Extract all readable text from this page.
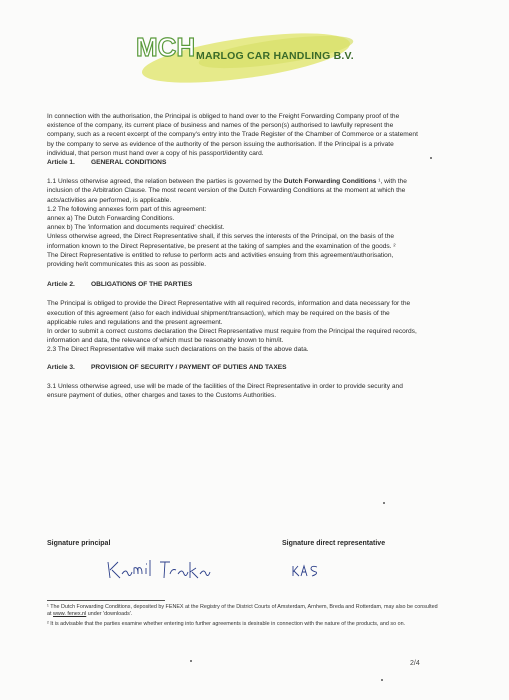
MCH MARLOG CAR HANDLING B.V.

In connection with the authorisation, the Principal is obliged to hand over to the Freight Forwarding Company proof of the existence of the company, its current place of business and names of the person(s) authorised to lawfully represent the company, such as a recent excerpt of the company's entry into the Trade Register of the Chamber of Commerce or a statement by the company to serve as evidence of the authority of the person issuing the authorisation. If the Principal is a private individual, that person must hand over a copy of his passport/identity card.

Article 1.	GENERAL CONDITIONS

1.1 Unless otherwise agreed, the relation between the parties is governed by the Dutch Forwarding Conditions ¹, with the inclusion of the Arbitration Clause. The most recent version of the Dutch Forwarding Conditions at the moment at which the acts/activities are performed, is applicable.

1.2 The following annexes form part of this agreement:

annex a) The Dutch Forwarding Conditions.

annex b) The 'information and documents required' checklist.

Unless otherwise agreed, the Direct Representative shall, if this serves the interests of the Principal, on the basis of the information known to the Direct Representative, be present at the taking of samples and the examination of the goods. ²

The Direct Representative is entitled to refuse to perform acts and activities ensuing from this agreement/authorisation, providing he/it communicates this as soon as possible.

Article 2.	OBLIGATIONS OF THE PARTIES

The Principal is obliged to provide the Direct Representative with all required records, information and data necessary for the execution of this agreement (also for each individual shipment/transaction), which may be required on the basis of the applicable rules and regulations and the present agreement.

In order to submit a correct customs declaration the Direct Representative must require from the Principal the required records, information and data, the relevance of which must be reasonably known to him/it.

2.3 The Direct Representative will make such declarations on the basis of the above data.

Article 3.	PROVISION OF SECURITY / PAYMENT OF DUTIES AND TAXES

3.1 Unless otherwise agreed, use will be made of the facilities of the Direct Representative in order to provide security and ensure payment of duties, other charges and taxes to the Customs Authorities.

Signature principal	Signature direct representative

¹ The Dutch Forwarding Conditions, deposited by FENEX at the Registry of the District Courts of Amsterdam, Arnhem, Breda and Rotterdam, may also be consulted at www. fenex.nl under 'downloads'.

² It is advisable that the parties examine whether entering into further agreements is desirable in connection with the nature of the products, and so on.

2/4
